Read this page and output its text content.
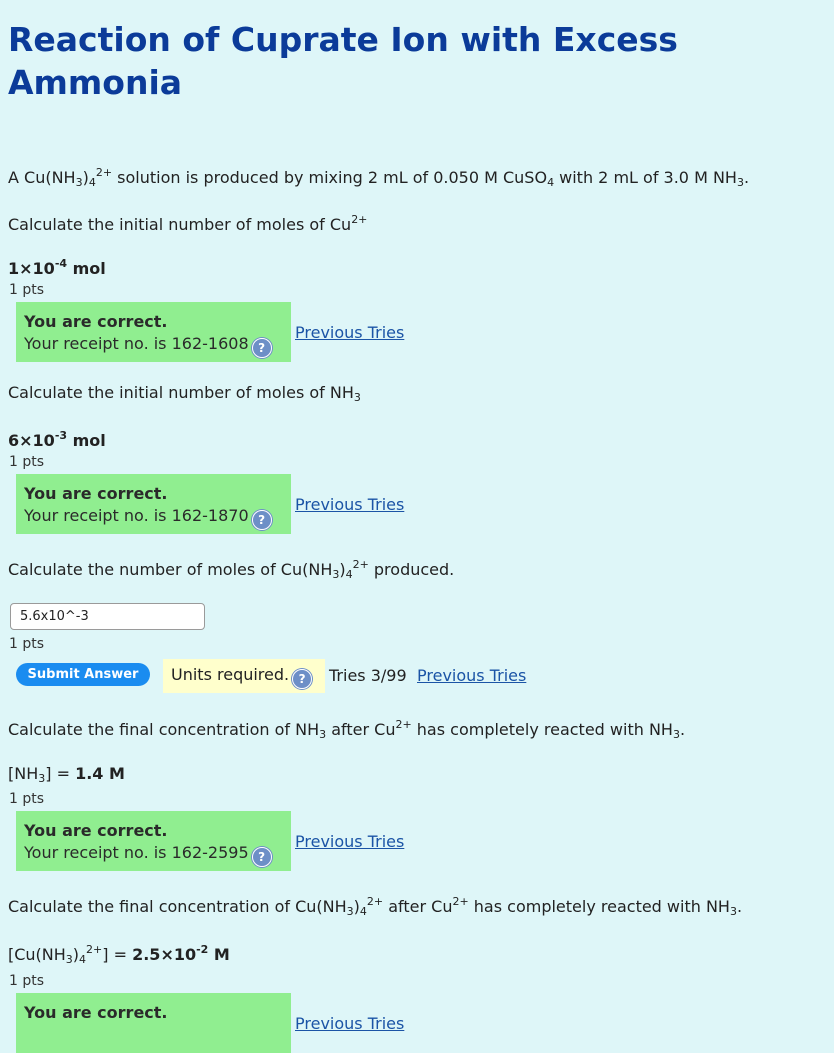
Reaction of Cuprate Ion with Excess Ammonia
A $Cu(NH_3)_4^{2+}$ solution is produced by mixing 2 mL of 0.050 M CuSO$_4$ with 2 mL of 3.0 M $NH_3$.
Calculate the initial number of moles of $Cu^{2+}$
$1\times 10^{-4}$ mol
1 pts
You are correct.
Your receipt no. is 162-1608 ?
Previous Tries
Calculate the initial number of moles of $NH_3$
$6\times 10^{-3}$ mol
1 pts
You are correct.
Your receipt no. is 162-1870 ?
Previous Tries
Calculate the number of moles of $Cu(NH_3)_4^{2+}$ produced.
5.6x10^-3
1 pts
Submit Answer	Units required. ?	Tries 3/99 Previous Tries
Calculate the final concentration of $NH_3$ after $Cu^{2+}$ has completely reacted with $NH_3$.
$[NH_3] = 1.4$ M
1 pts
You are correct.
Your receipt no. is 162-2595 ?
Previous Tries
Calculate the final concentration of $Cu(NH_3)_4^{2+}$ after $Cu^{2+}$ has completely reacted with $NH_3$.
$[Cu(NH_3)_4^{2+}] = 2.5\times 10^{-2}$ M
1 pts
You are correct.
Previous Tries
